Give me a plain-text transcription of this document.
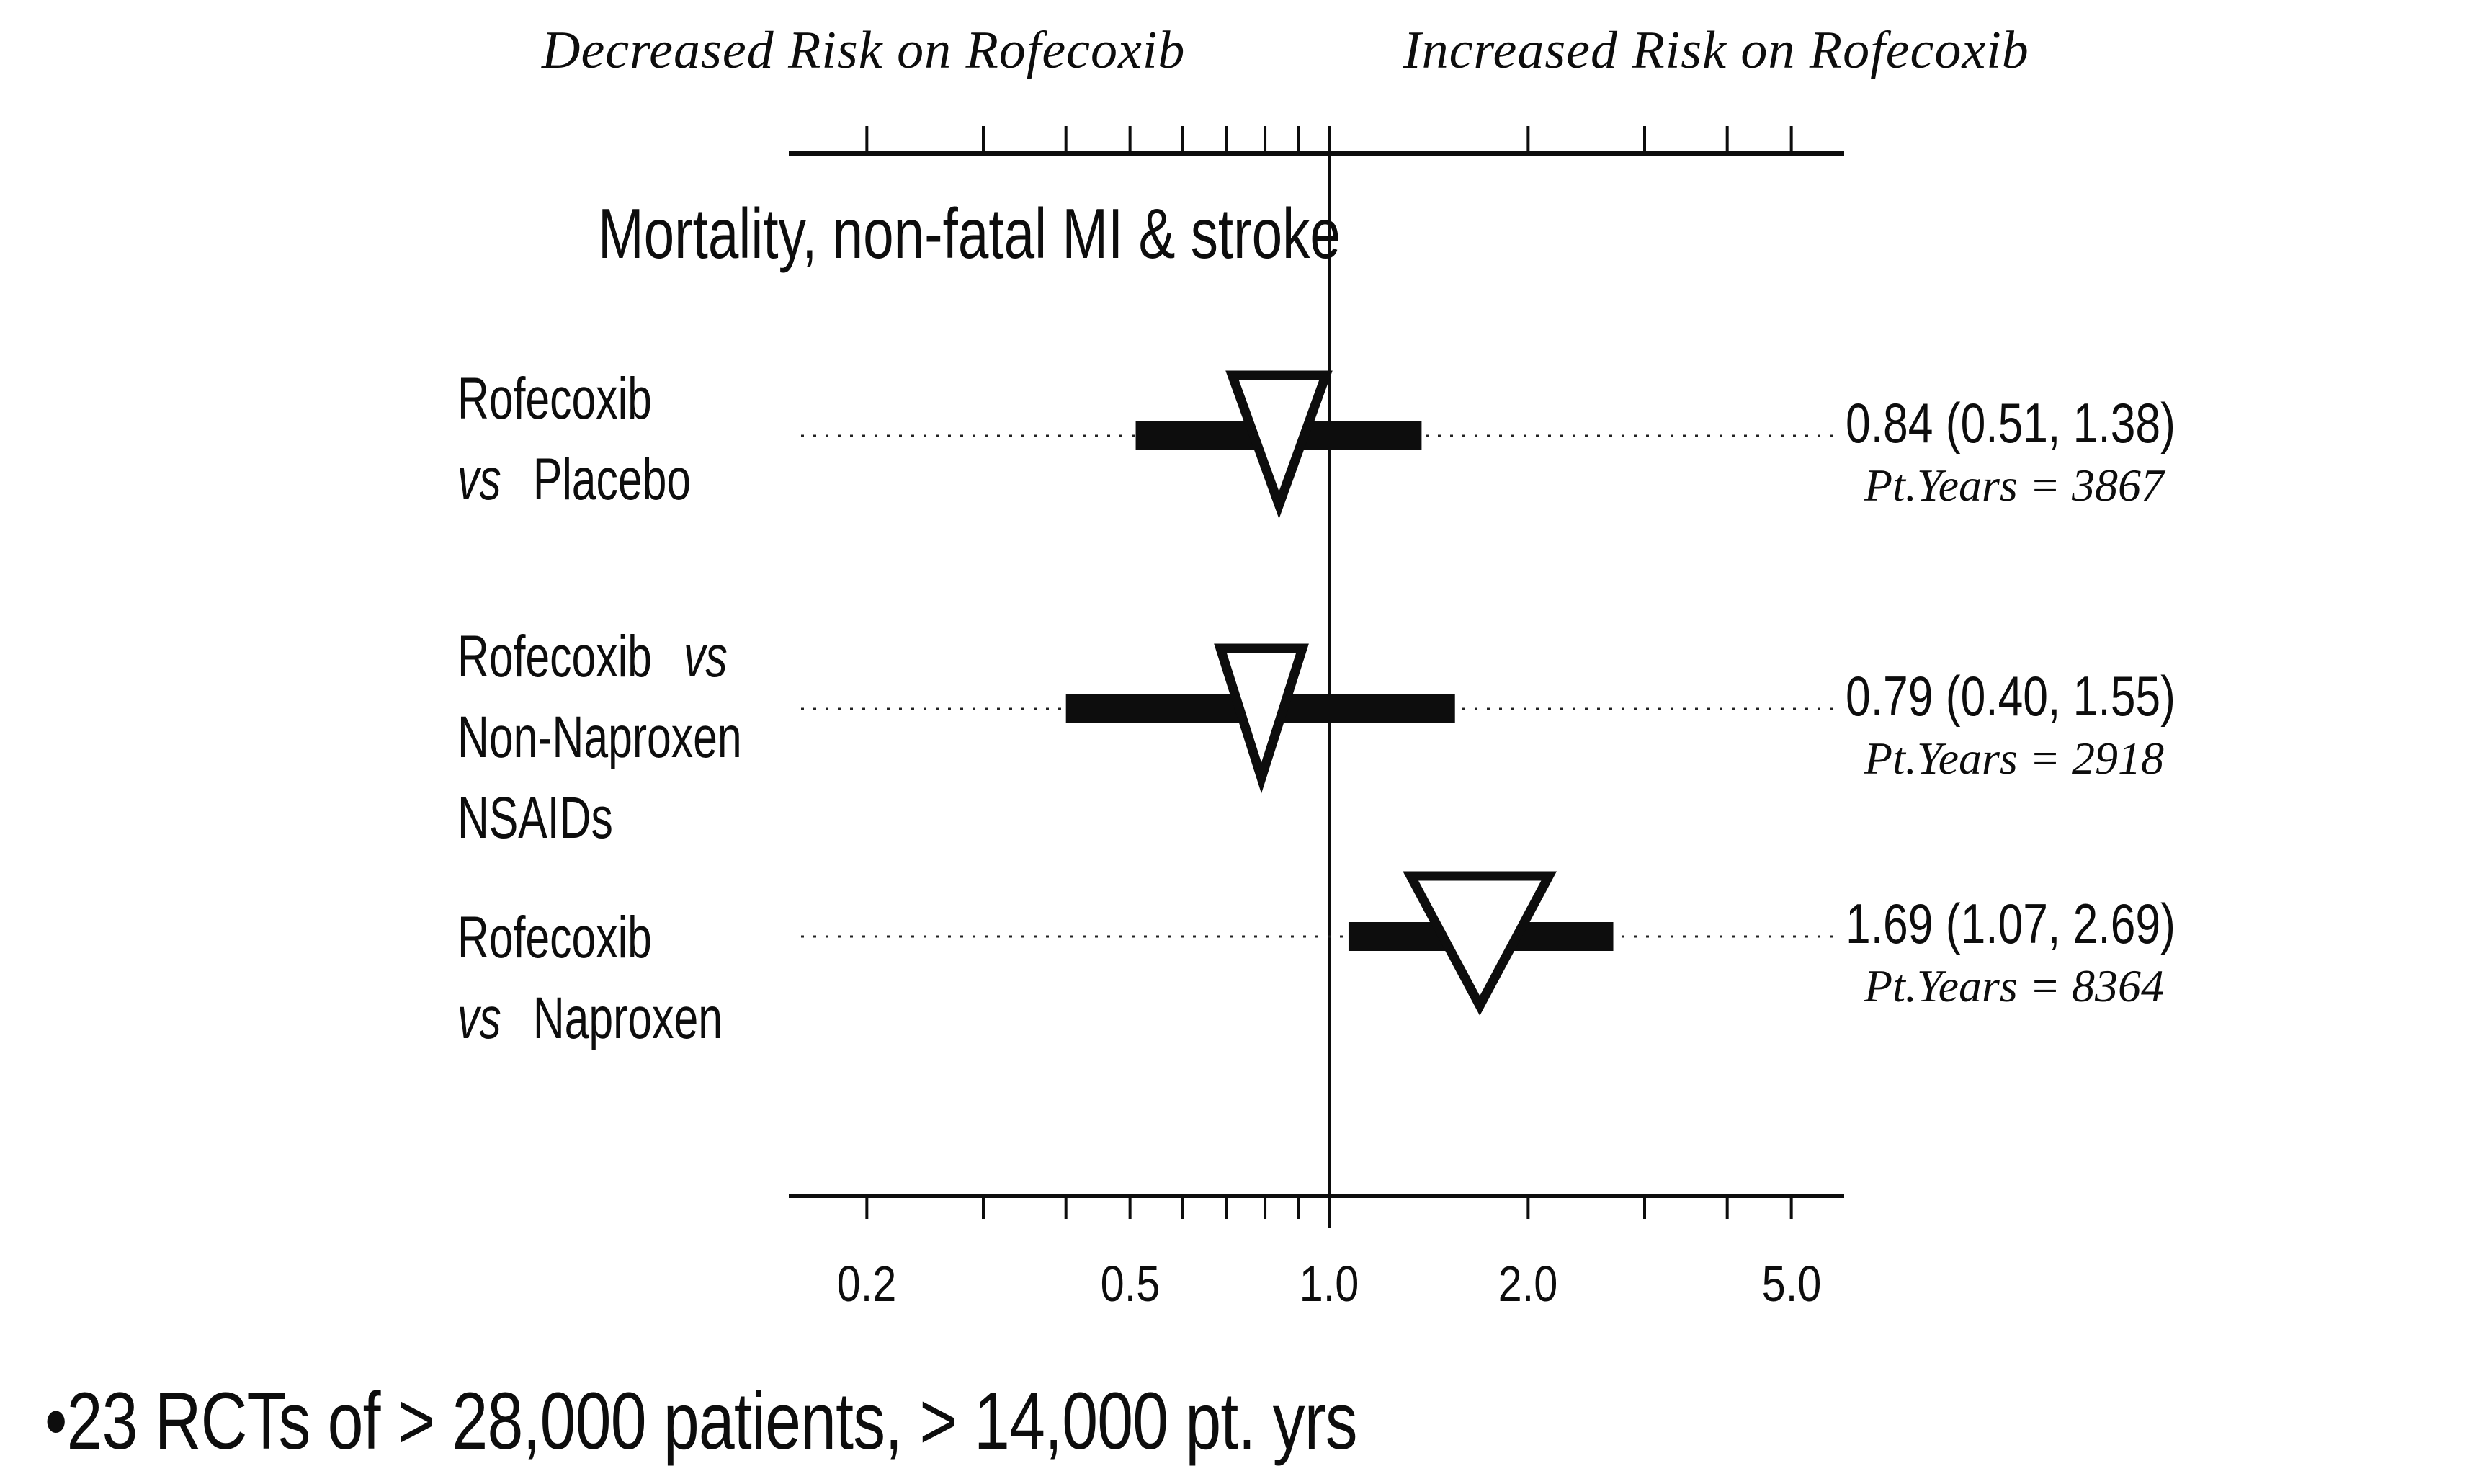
Decreased Risk on Rofecoxib	Increased Risk on Rofecoxib
Mortality, non-fatal MI & stroke
Rofecoxib
vs Placebo
Rofecoxib vs
Non-Naproxen
NSAIDs
Rofecoxib
vs Naproxen
0.84 (0.51, 1.38)
Pt.Years = 3867
0.79 (0.40, 1.55)
Pt.Years = 2918
1.69 (1.07, 2.69)
Pt.Years = 8364
•23 RCTs of > 28,000 patients, > 14,000 pt. yrs
0.2	0.5	1.0	2.0	5.0
